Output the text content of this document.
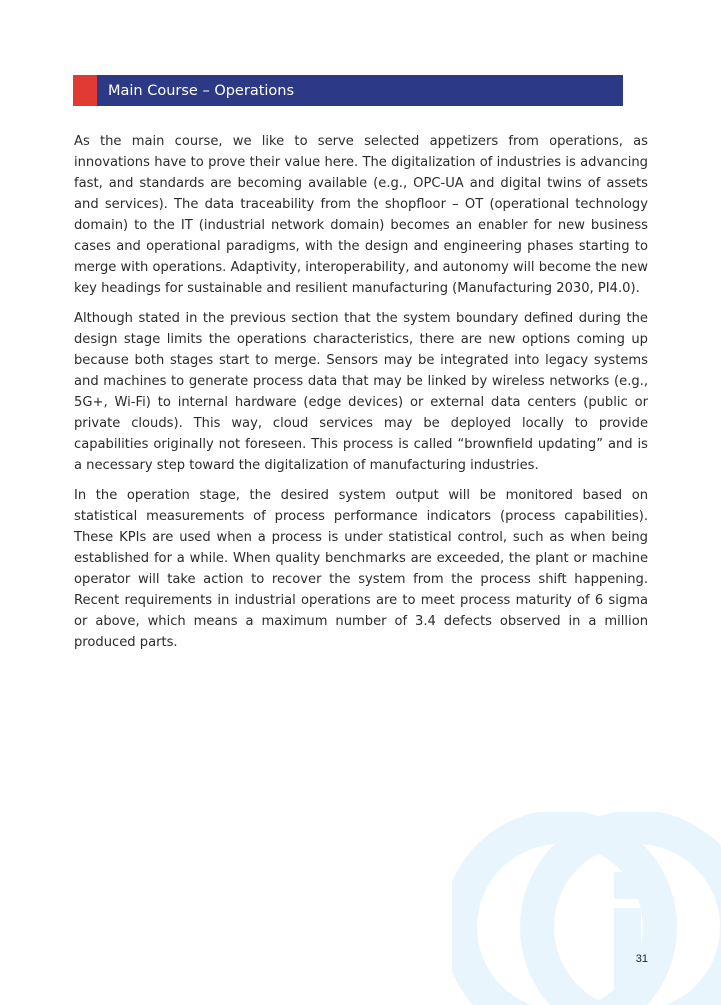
Main Course – Operations

As the main course, we like to serve selected appetizers from operations, as innovations have to prove their value here. The digitalization of industries is advancing fast, and standards are becoming available (e.g., OPC-UA and digital twins of assets and services). The data traceability from the shopfloor – OT (operational technology domain) to the IT (industrial network domain) becomes an enabler for new business cases and operational paradigms, with the design and engineering phases starting to merge with operations. Adaptivity, interoperability, and autonomy will become the new key headings for sustainable and resilient manufacturing (Manufacturing 2030, PI4.0).

Although stated in the previous section that the system boundary defined during the design stage limits the operations characteristics, there are new options coming up because both stages start to merge. Sensors may be integrated into legacy systems and machines to generate process data that may be linked by wireless networks (e.g., 5G+, Wi-Fi) to internal hardware (edge devices) or external data centers (public or private clouds). This way, cloud services may be deployed locally to provide capabilities originally not foreseen. This process is called “brownfield updating” and is a necessary step toward the digitalization of manufacturing industries.

In the operation stage, the desired system output will be monitored based on statistical measurements of process performance indicators (process capabilities). These KPIs are used when a process is under statistical control, such as when being established for a while. When quality benchmarks are exceeded, the plant or machine operator will take action to recover the system from the process shift happening. Recent requirements in industrial operations are to meet process maturity of 6 sigma or above, which means a maximum number of 3.4 defects observed in a million produced parts.

31
